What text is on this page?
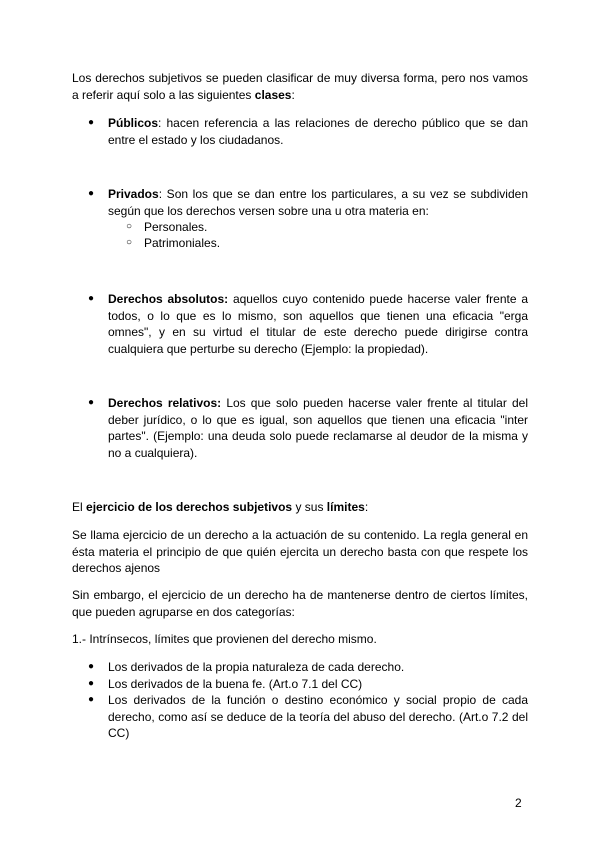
Los derechos subjetivos se pueden clasificar de muy diversa forma, pero nos vamos a referir aquí solo a las siguientes clases:

● Públicos: hacen referencia a las relaciones de derecho público que se dan entre el estado y los ciudadanos.
● Privados: Son los que se dan entre los particulares, a su vez se subdividen según que los derechos versen sobre una u otra materia en:
○ Personales.
○ Patrimoniales.
● Derechos absolutos: aquellos cuyo contenido puede hacerse valer frente a todos, o lo que es lo mismo, son aquellos que tienen una eficacia "erga omnes", y en su virtud el titular de este derecho puede dirigirse contra cualquiera que perturbe su derecho (Ejemplo: la propiedad).
● Derechos relativos: Los que solo pueden hacerse valer frente al titular del deber jurídico, o lo que es igual, son aquellos que tienen una eficacia "inter partes". (Ejemplo: una deuda solo puede reclamarse al deudor de la misma y no a cualquiera).

El ejercicio de los derechos subjetivos y sus límites:

Se llama ejercicio de un derecho a la actuación de su contenido. La regla general en ésta materia el principio de que quién ejercita un derecho basta con que respete los derechos ajenos

Sin embargo, el ejercicio de un derecho ha de mantenerse dentro de ciertos límites, que pueden agruparse en dos categorías:

1.- Intrínsecos, límites que provienen del derecho mismo.

● Los derivados de la propia naturaleza de cada derecho.
● Los derivados de la buena fe. (Art.o 7.1 del CC)
● Los derivados de la función o destino económico y social propio de cada derecho, como así se deduce de la teoría del abuso del derecho. (Art.o 7.2 del CC)
2
